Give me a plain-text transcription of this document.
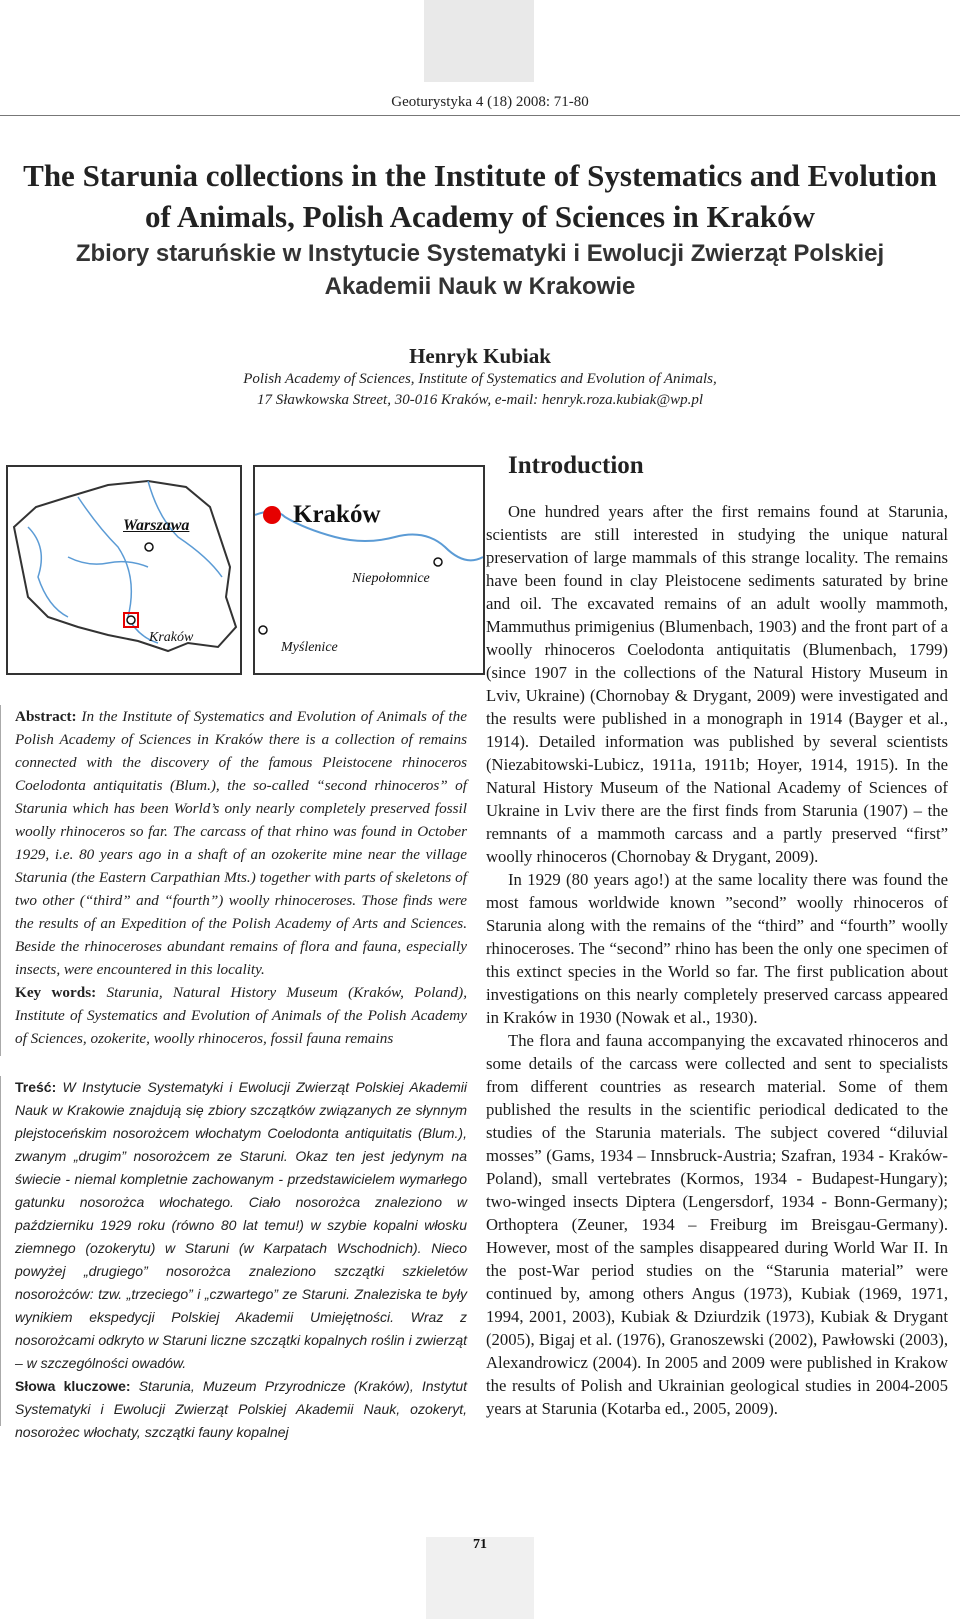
Geoturystyka 4 (18) 2008: 71-80
The Starunia collections in the Institute of Systematics and Evolution of Animals, Polish Academy of Sciences in Kraków
Zbiory staruńskie w Instytucie Systematyki i Ewolucji Zwierząt Polskiej Akademii Nauk w Krakowie
Henryk Kubiak
Polish Academy of Sciences, Institute of Systematics and Evolution of Animals,
17 Sławkowska Street, 30-016 Kraków, e-mail: henryk.roza.kubiak@wp.pl
Warszawa
Kraków
Kraków
Niepołomnice
Myślenice

Abstract: In the Institute of Systematics and Evolution of Animals of the Polish Academy of Sciences in Kraków there is a collection of remains connected with the discovery of the famous Pleistocene rhinoceros Coelodonta antiquitatis (Blum.), the so-called “second rhinoceros” of Starunia which has been World’s only nearly completely preserved fossil woolly rhinoceros so far. The carcass of that rhino was found in October 1929, i.e. 80 years ago in a shaft of an ozokerite mine near the village Starunia (the Eastern Carpathian Mts.) together with parts of skeletons of two other (“third” and “fourth”) woolly rhinoceroses. Those finds were the results of an Expedition of the Polish Academy of Arts and Sciences. Beside the rhinoceroses abundant remains of flora and fauna, especially insects, were encountered in this locality.

Key words: Starunia, Natural History Museum (Kraków, Poland), Institute of Systematics and Evolution of Animals of the Polish Academy of Sciences, ozokerite, woolly rhinoceros, fossil fauna remains

Treść: W Instytucie Systematyki i Ewolucji Zwierząt Polskiej Akademii Nauk w Krakowie znajdują się zbiory szczątków związanych ze słynnym plejstoceńskim nosorożcem włochatym Coelodonta antiquitatis (Blum.), zwanym „drugim” nosorożcem ze Staruni. Okaz ten jest jedynym na świecie - niemal kompletnie zachowanym - przedstawicielem wymarłego gatunku nosorożca włochatego. Ciało nosorożca znaleziono w październiku 1929 roku (równo 80 lat temu!) w szybie kopalni włosku ziemnego (ozokerytu) w Staruni (w Karpatach Wschodnich). Nieco powyżej „drugiego” nosorożca znaleziono szczątki szkieletów nosorożców: tzw. „trzeciego” i „czwartego” ze Staruni. Znaleziska te były wynikiem ekspedycji Polskiej Akademii Umiejętności. Wraz z nosorożcami odkryto w Staruni liczne szczątki kopalnych roślin i zwierząt – w szczególności owadów.

Słowa kluczowe: Starunia, Muzeum Przyrodnicze (Kraków), Instytut Systematyki i Ewolucji Zwierząt Polskiej Akademii Nauk, ozokeryt, nosorożec włochaty, szczątki fauny kopalnej

Introduction

One hundred years after the first remains found at Starunia, scientists are still interested in studying the unique natural preservation of large mammals of this strange locality. The remains have been found in clay Pleistocene sediments saturated by brine and oil. The excavated remains of an adult woolly mammoth, Mammuthus primigenius (Blumenbach, 1903) and the front part of a woolly rhinoceros Coelodonta antiquitatis (Blumenbach, 1799) (since 1907 in the collections of the Natural History Museum in Lviv, Ukraine) (Chornobay & Drygant, 2009) were investigated and the results were published in a monograph in 1914 (Bayger et al., 1914). Detailed information was published by several scientists (Niezabitowski-Lubicz, 1911a, 1911b; Hoyer, 1914, 1915). In the Natural History Museum of the National Academy of Sciences of Ukraine in Lviv there are the first finds from Starunia (1907) – the remnants of a mammoth carcass and a partly preserved “first” woolly rhinoceros (Chornobay & Drygant, 2009).

In 1929 (80 years ago!) at the same locality there was found the most famous worldwide known ”second” woolly rhinoceros of Starunia along with the remains of the “third” and “fourth” woolly rhinoceroses. The “second” rhino has been the only one specimen of this extinct species in the World so far. The first publication about investigations on this nearly completely preserved carcass appeared in Kraków in 1930 (Nowak et al., 1930).

The flora and fauna accompanying the excavated rhinoceros and some details of the carcass were collected and sent to specialists from different countries as research material. Some of them published the results in the scientific periodical dedicated to the studies of the Starunia materials. The subject covered “diluvial mosses” (Gams, 1934 – Innsbruck-Austria; Szafran, 1934 - Kraków-Poland), small vertebrates (Kormos, 1934 - Budapest-Hungary); two-winged insects Diptera (Lengersdorf, 1934 - Bonn-Germany); Orthoptera (Zeuner, 1934 – Freiburg im Breisgau-Germany). However, most of the samples disappeared during World War II. In the post-War period studies on the “Starunia material” were continued by, among others Angus (1973), Kubiak (1969, 1971, 1994, 2001, 2003), Kubiak & Dziurdzik (1973), Kubiak & Drygant (2005), Bigaj et al. (1976), Granoszewski (2002), Pawłowski (2003), Alexandrowicz (2004). In 2005 and 2009 were published in Krakow the results of Polish and Ukrainian geological studies in 2004-2005 years at Starunia (Kotarba ed., 2005, 2009).

71
